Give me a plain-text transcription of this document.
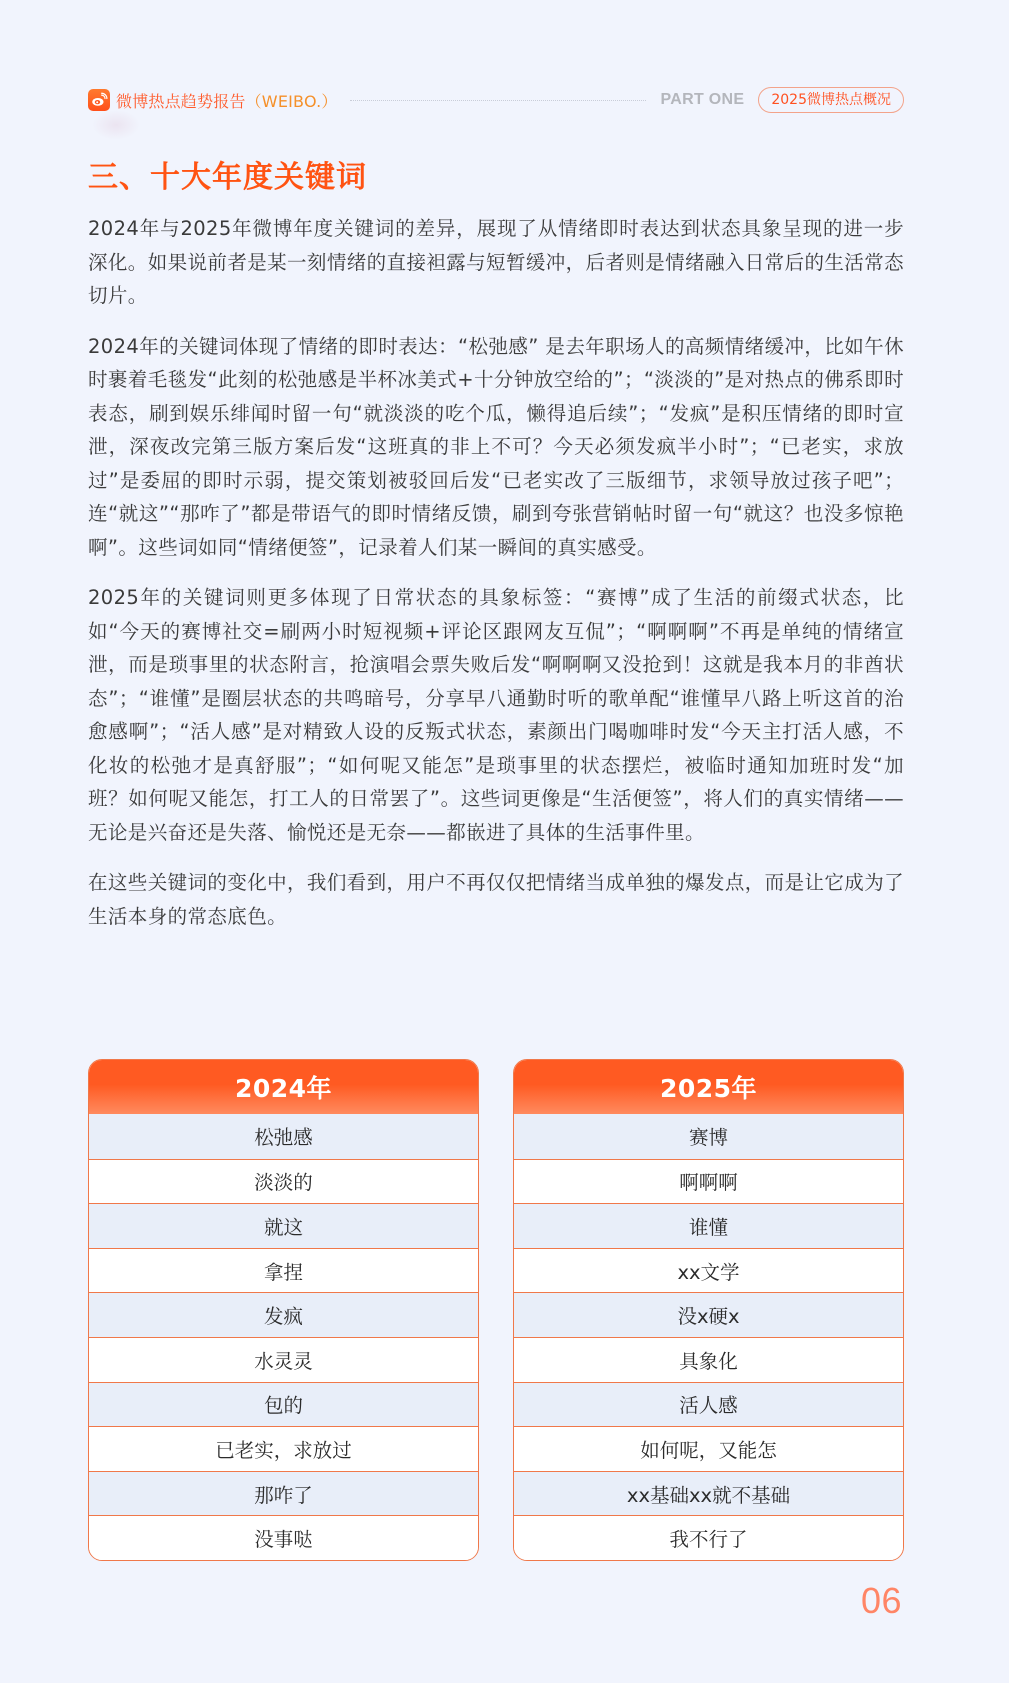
微博热点趋势报告（WEIBO.）	PART ONE	2025微博热点概况
三、十大年度关键词

2024年与2025年微博年度关键词的差异，展现了从情绪即时表达到状态具象呈现的进一步深化。如果说前者是某一刻情绪的直接袒露与短暂缓冲，后者则是情绪融入日常后的生活常态切片。

2024年的关键词体现了情绪的即时表达：“松弛感” 是去年职场人的高频情绪缓冲，比如午休时裹着毛毯发“此刻的松弛感是半杯冰美式+十分钟放空给的”；“淡淡的”是对热点的佛系即时表态，刷到娱乐绯闻时留一句“就淡淡的吃个瓜，懒得追后续”；“发疯”是积压情绪的即时宣泄，深夜改完第三版方案后发“这班真的非上不可？今天必须发疯半小时”；“已老实，求放过”是委屈的即时示弱，提交策划被驳回后发“已老实改了三版细节，求领导放过孩子吧”；连“就这”“那咋了”都是带语气的即时情绪反馈，刷到夸张营销帖时留一句“就这？也没多惊艳啊”。这些词如同“情绪便签”，记录着人们某一瞬间的真实感受。

2025年的关键词则更多体现了日常状态的具象标签：“赛博”成了生活的前缀式状态，比如“今天的赛博社交=刷两小时短视频+评论区跟网友互侃”；“啊啊啊”不再是单纯的情绪宣泄，而是琐事里的状态附言，抢演唱会票失败后发“啊啊啊又没抢到！这就是我本月的非酋状态”；“谁懂”是圈层状态的共鸣暗号，分享早八通勤时听的歌单配“谁懂早八路上听这首的治愈感啊”；“活人感”是对精致人设的反叛式状态，素颜出门喝咖啡时发“今天主打活人感，不化妆的松弛才是真舒服”；“如何呢又能怎”是琐事里的状态摆烂，被临时通知加班时发“加班？如何呢又能怎，打工人的日常罢了”。这些词更像是“生活便签”，将人们的真实情绪——无论是兴奋还是失落、愉悦还是无奈——都嵌进了具体的生活事件里。

在这些关键词的变化中，我们看到，用户不再仅仅把情绪当成单独的爆发点，而是让它成为了生活本身的常态底色。

2024年
松弛感
淡淡的
就这
拿捏
发疯
水灵灵
包的
已老实，求放过
那咋了
没事哒
2025年
赛博
啊啊啊
谁懂
xx文学
没x硬x
具象化
活人感
如何呢，又能怎
xx基础xx就不基础
我不行了
06
